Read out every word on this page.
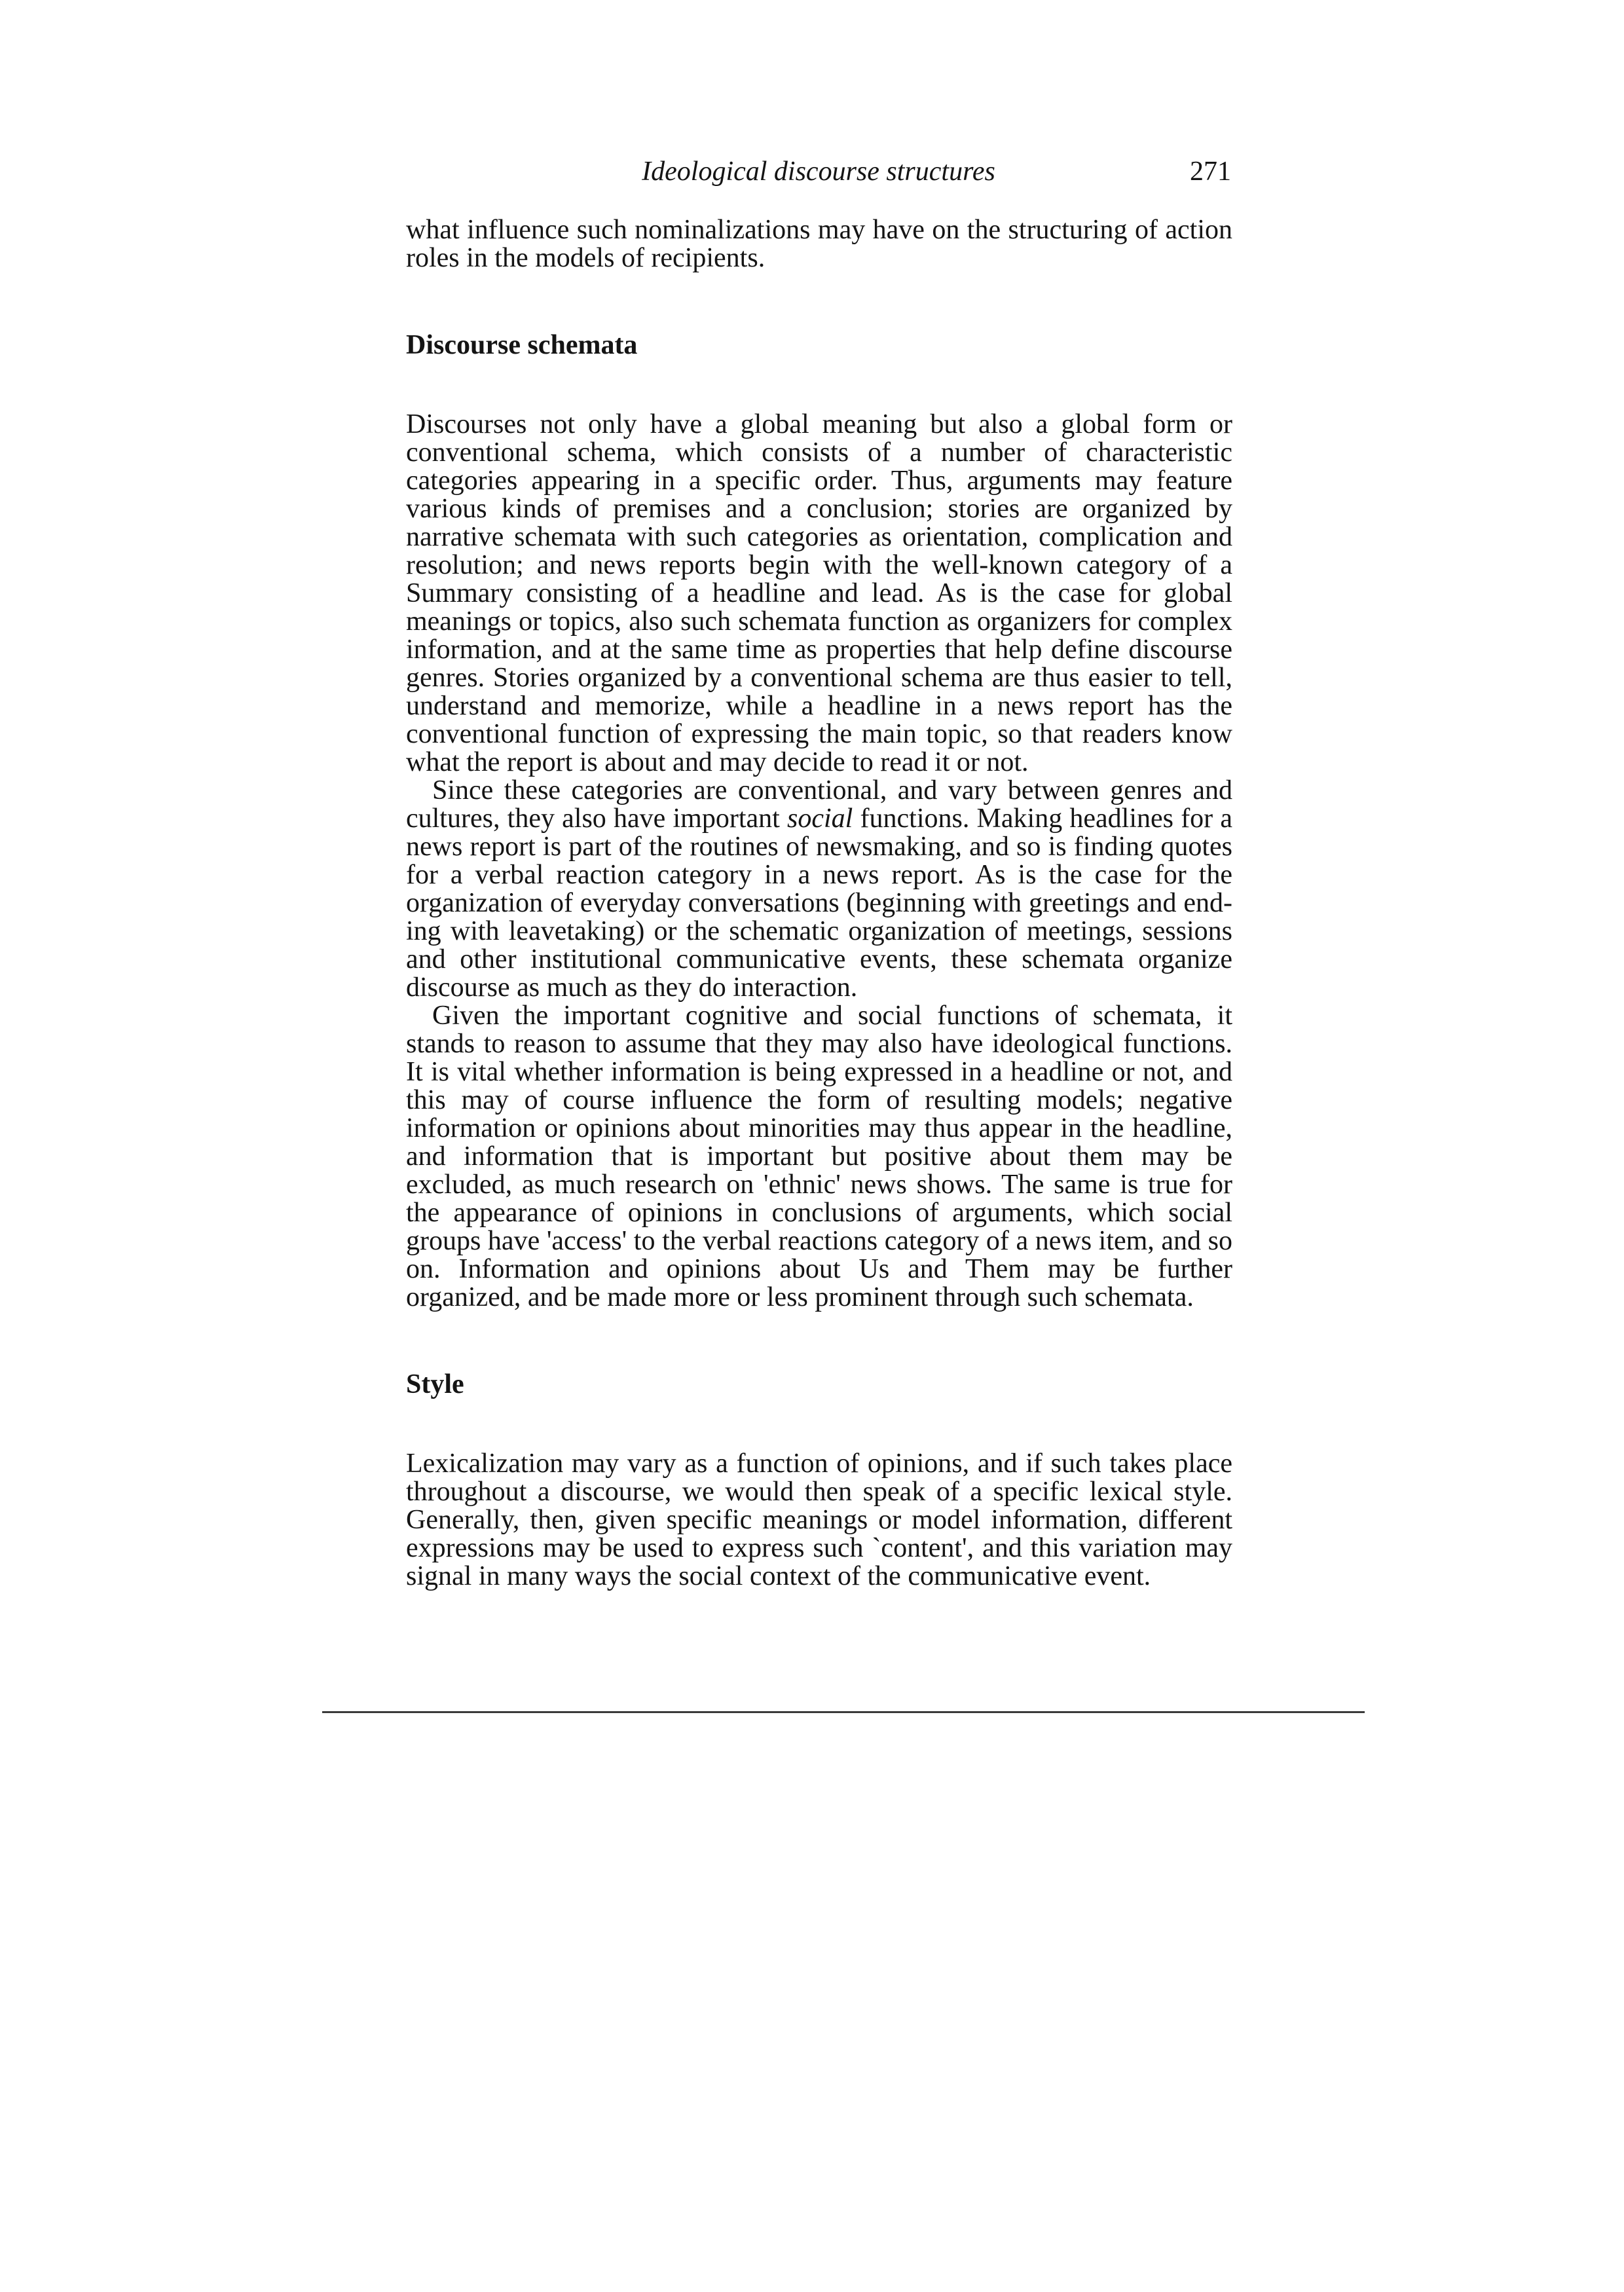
Ideological discourse structures	271

what influence such nominalizations may have on the structuring of action roles in the models of recipients.

Discourse schemata

Discourses not only have a global meaning but also a global form or conventional schema, which consists of a number of characteristic categories appearing in a specific order. Thus, arguments may feature various kinds of premises and a conclusion; stories are organized by narrative schemata with such categories as orientation, complication and resolution; and news reports begin with the well-known category of a Summary consisting of a headline and lead. As is the case for global meanings or topics, also such schemata function as organizers for complex information, and at the same time as properties that help define discourse genres. Stories organized by a conventional schema are thus easier to tell, understand and memorize, while a headline in a news report has the conventional function of expressing the main topic, so that readers know what the report is about and may decide to read it or not.

Since these categories are conventional, and vary between genres and cultures, they also have important social functions. Making headlines for a news report is part of the routines of newsmaking, and so is finding quotes for a verbal reaction category in a news report. As is the case for the organization of everyday conversations (beginning with greetings and ending with leavetaking) or the schematic organization of meetings, sessions and other institutional communicative events, these schemata organize discourse as much as they do interaction.

Given the important cognitive and social functions of schemata, it stands to reason to assume that they may also have ideological functions. It is vital whether information is being expressed in a headline or not, and this may of course influence the form of resulting models; negative information or opinions about minorities may thus appear in the headline, and information that is important but positive about them may be excluded, as much research on 'ethnic' news shows. The same is true for the appearance of opinions in conclusions of arguments, which social groups have 'access' to the verbal reactions category of a news item, and so on. Information and opinions about Us and Them may be further organized, and be made more or less prominent through such schemata.

Style

Lexicalization may vary as a function of opinions, and if such takes place throughout a discourse, we would then speak of a specific lexical style. Generally, then, given specific meanings or model information, different expressions may be used to express such `content', and this variation may signal in many ways the social context of the communicative event.
